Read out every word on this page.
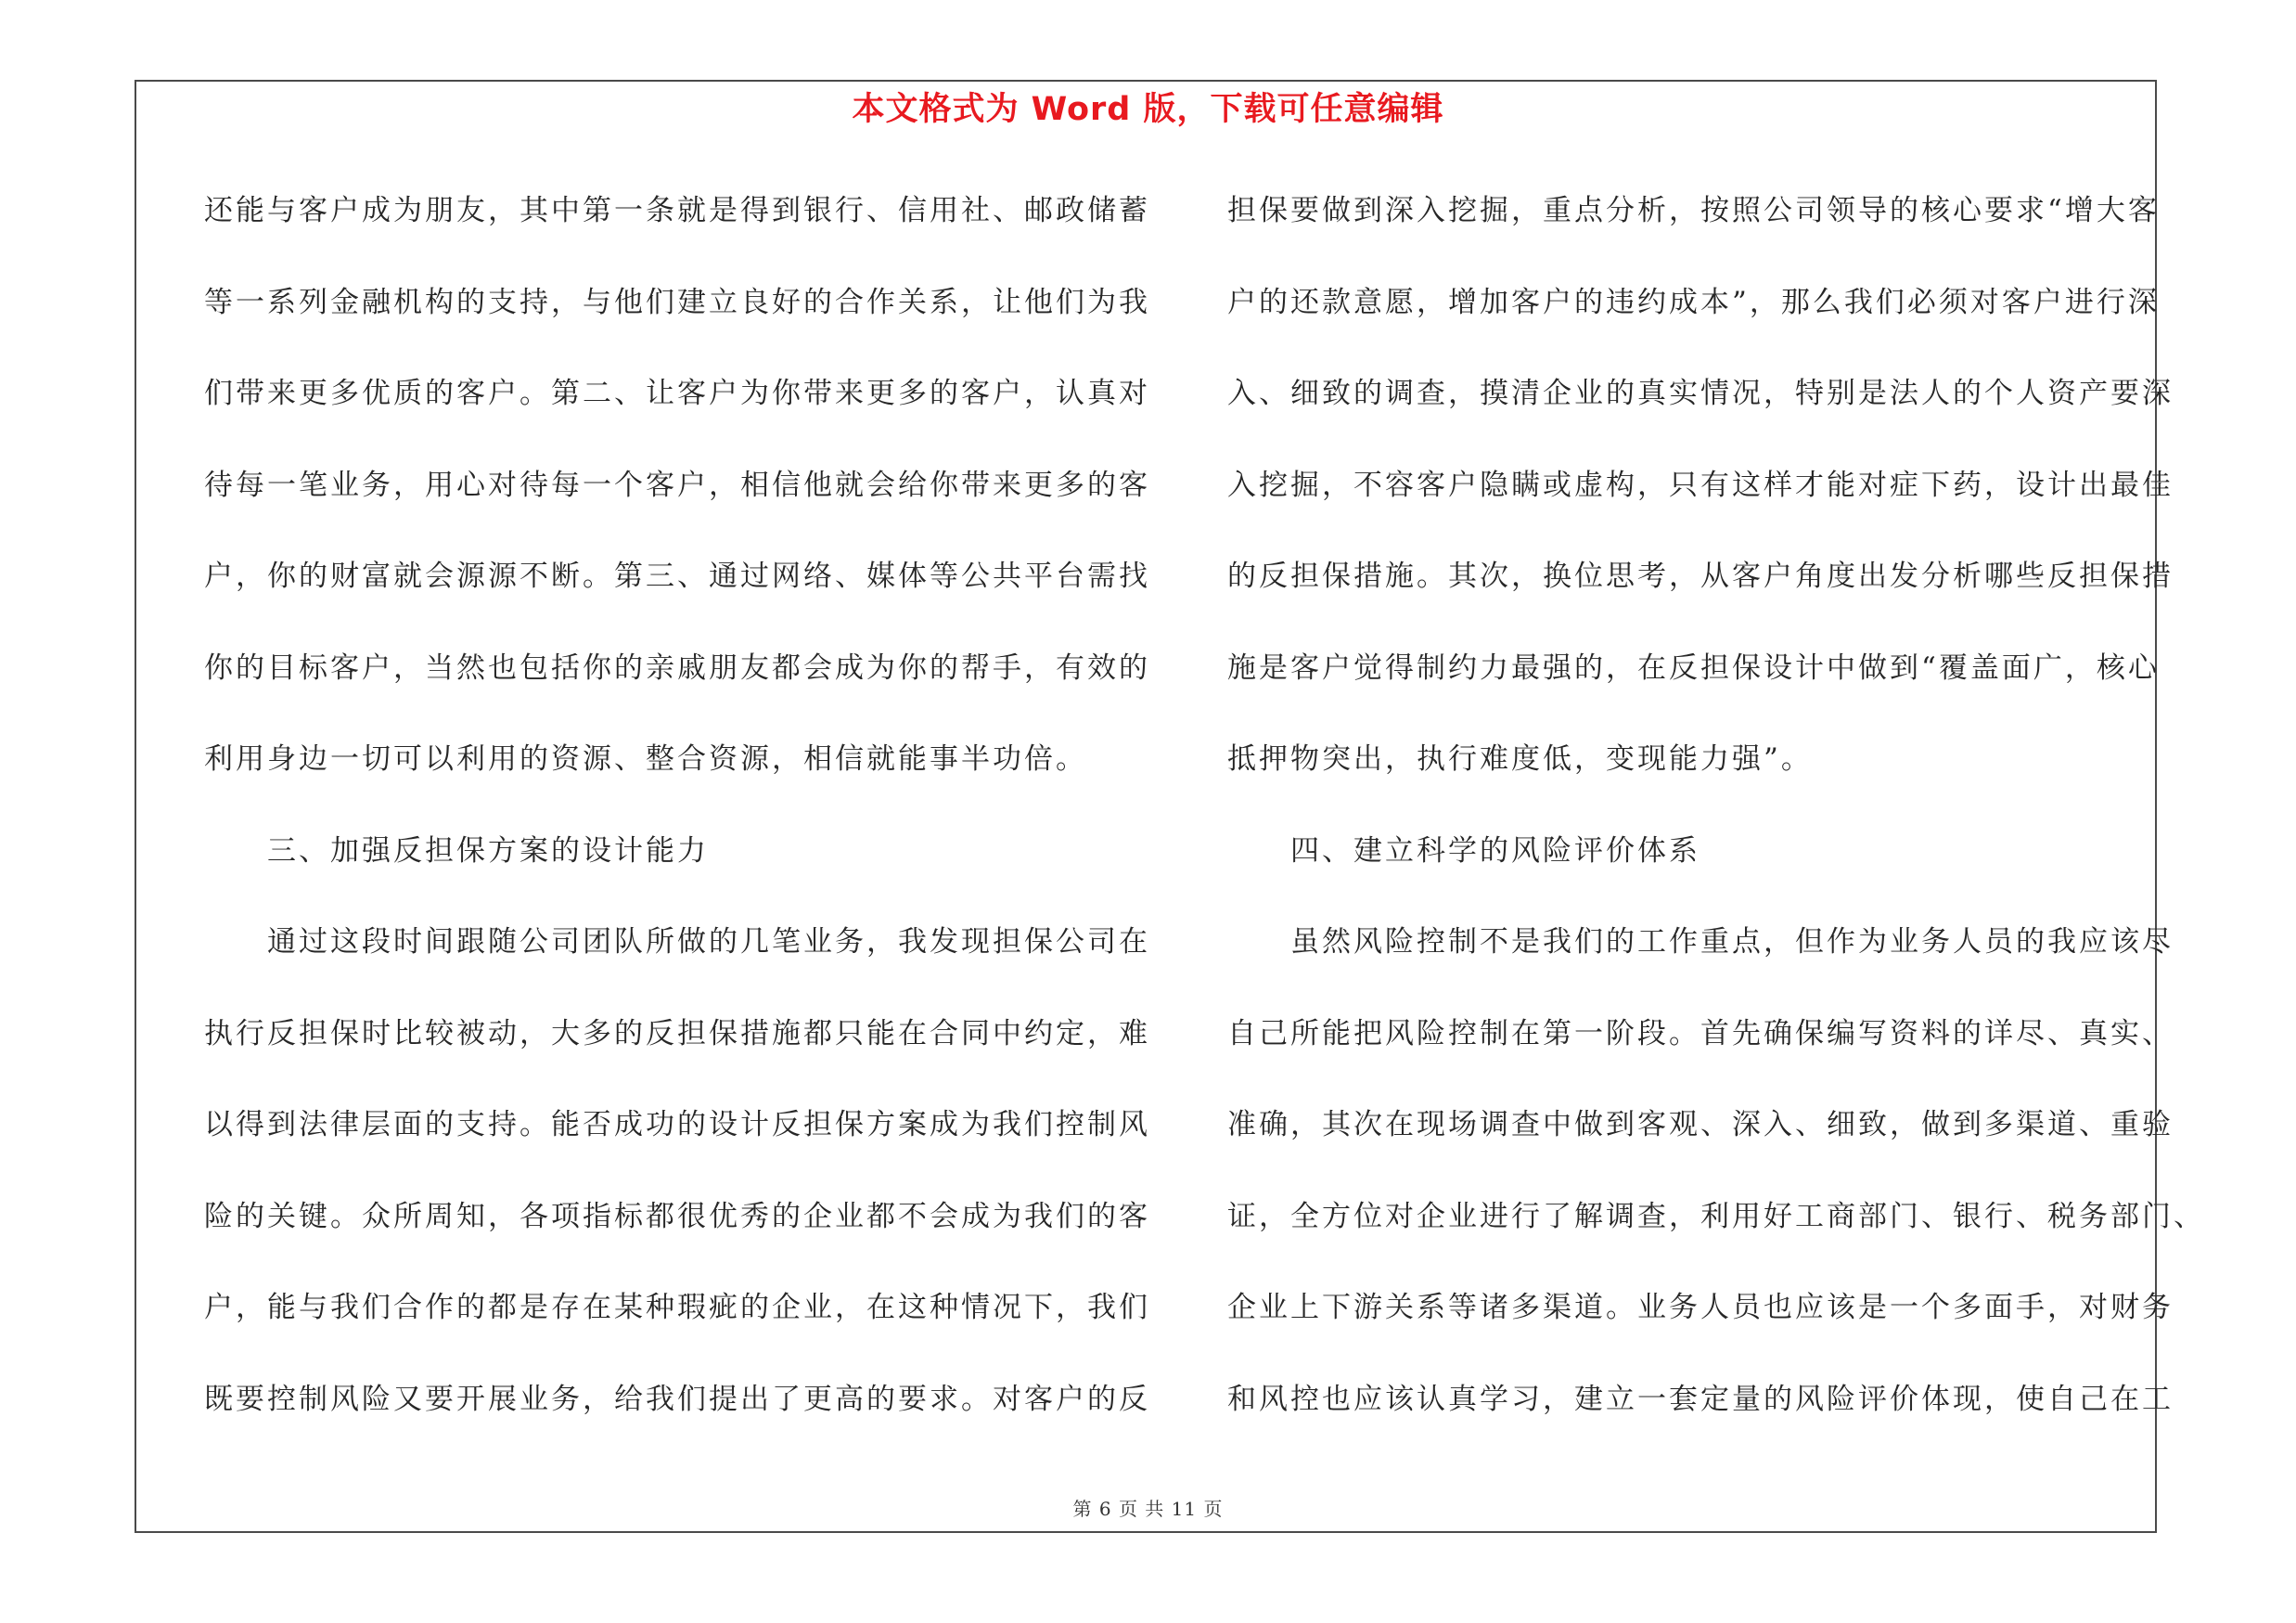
本文格式为 Word 版，下载可任意编辑
还能与客户成为朋友，其中第一条就是得到银行、信用社、邮政储蓄
等一系列金融机构的支持，与他们建立良好的合作关系，让他们为我
们带来更多优质的客户。第二、让客户为你带来更多的客户，认真对
待每一笔业务，用心对待每一个客户，相信他就会给你带来更多的客
户，你的财富就会源源不断。第三、通过网络、媒体等公共平台需找
你的目标客户，当然也包括你的亲戚朋友都会成为你的帮手，有效的
利用身边一切可以利用的资源、整合资源，相信就能事半功倍。
　　三、加强反担保方案的设计能力
　　通过这段时间跟随公司团队所做的几笔业务，我发现担保公司在
执行反担保时比较被动，大多的反担保措施都只能在合同中约定，难
以得到法律层面的支持。能否成功的设计反担保方案成为我们控制风
险的关键。众所周知，各项指标都很优秀的企业都不会成为我们的客
户，能与我们合作的都是存在某种瑕疵的企业，在这种情况下，我们
既要控制风险又要开展业务，给我们提出了更高的要求。对客户的反
担保要做到深入挖掘，重点分析，按照公司领导的核心要求“增大客
户的还款意愿，增加客户的违约成本”，那么我们必须对客户进行深
入、细致的调查，摸清企业的真实情况，特别是法人的个人资产要深
入挖掘，不容客户隐瞒或虚构，只有这样才能对症下药，设计出最佳
的反担保措施。其次，换位思考，从客户角度出发分析哪些反担保措
施是客户觉得制约力最强的，在反担保设计中做到“覆盖面广，核心
抵押物突出，执行难度低，变现能力强”。
　　四、建立科学的风险评价体系
　　虽然风险控制不是我们的工作重点，但作为业务人员的我应该尽
自己所能把风险控制在第一阶段。首先确保编写资料的详尽、真实、
准确，其次在现场调查中做到客观、深入、细致，做到多渠道、重验
证，全方位对企业进行了解调查，利用好工商部门、银行、税务部门、
企业上下游关系等诸多渠道。业务人员也应该是一个多面手，对财务
和风控也应该认真学习，建立一套定量的风险评价体现，使自己在工
第 6 页 共 11 页
